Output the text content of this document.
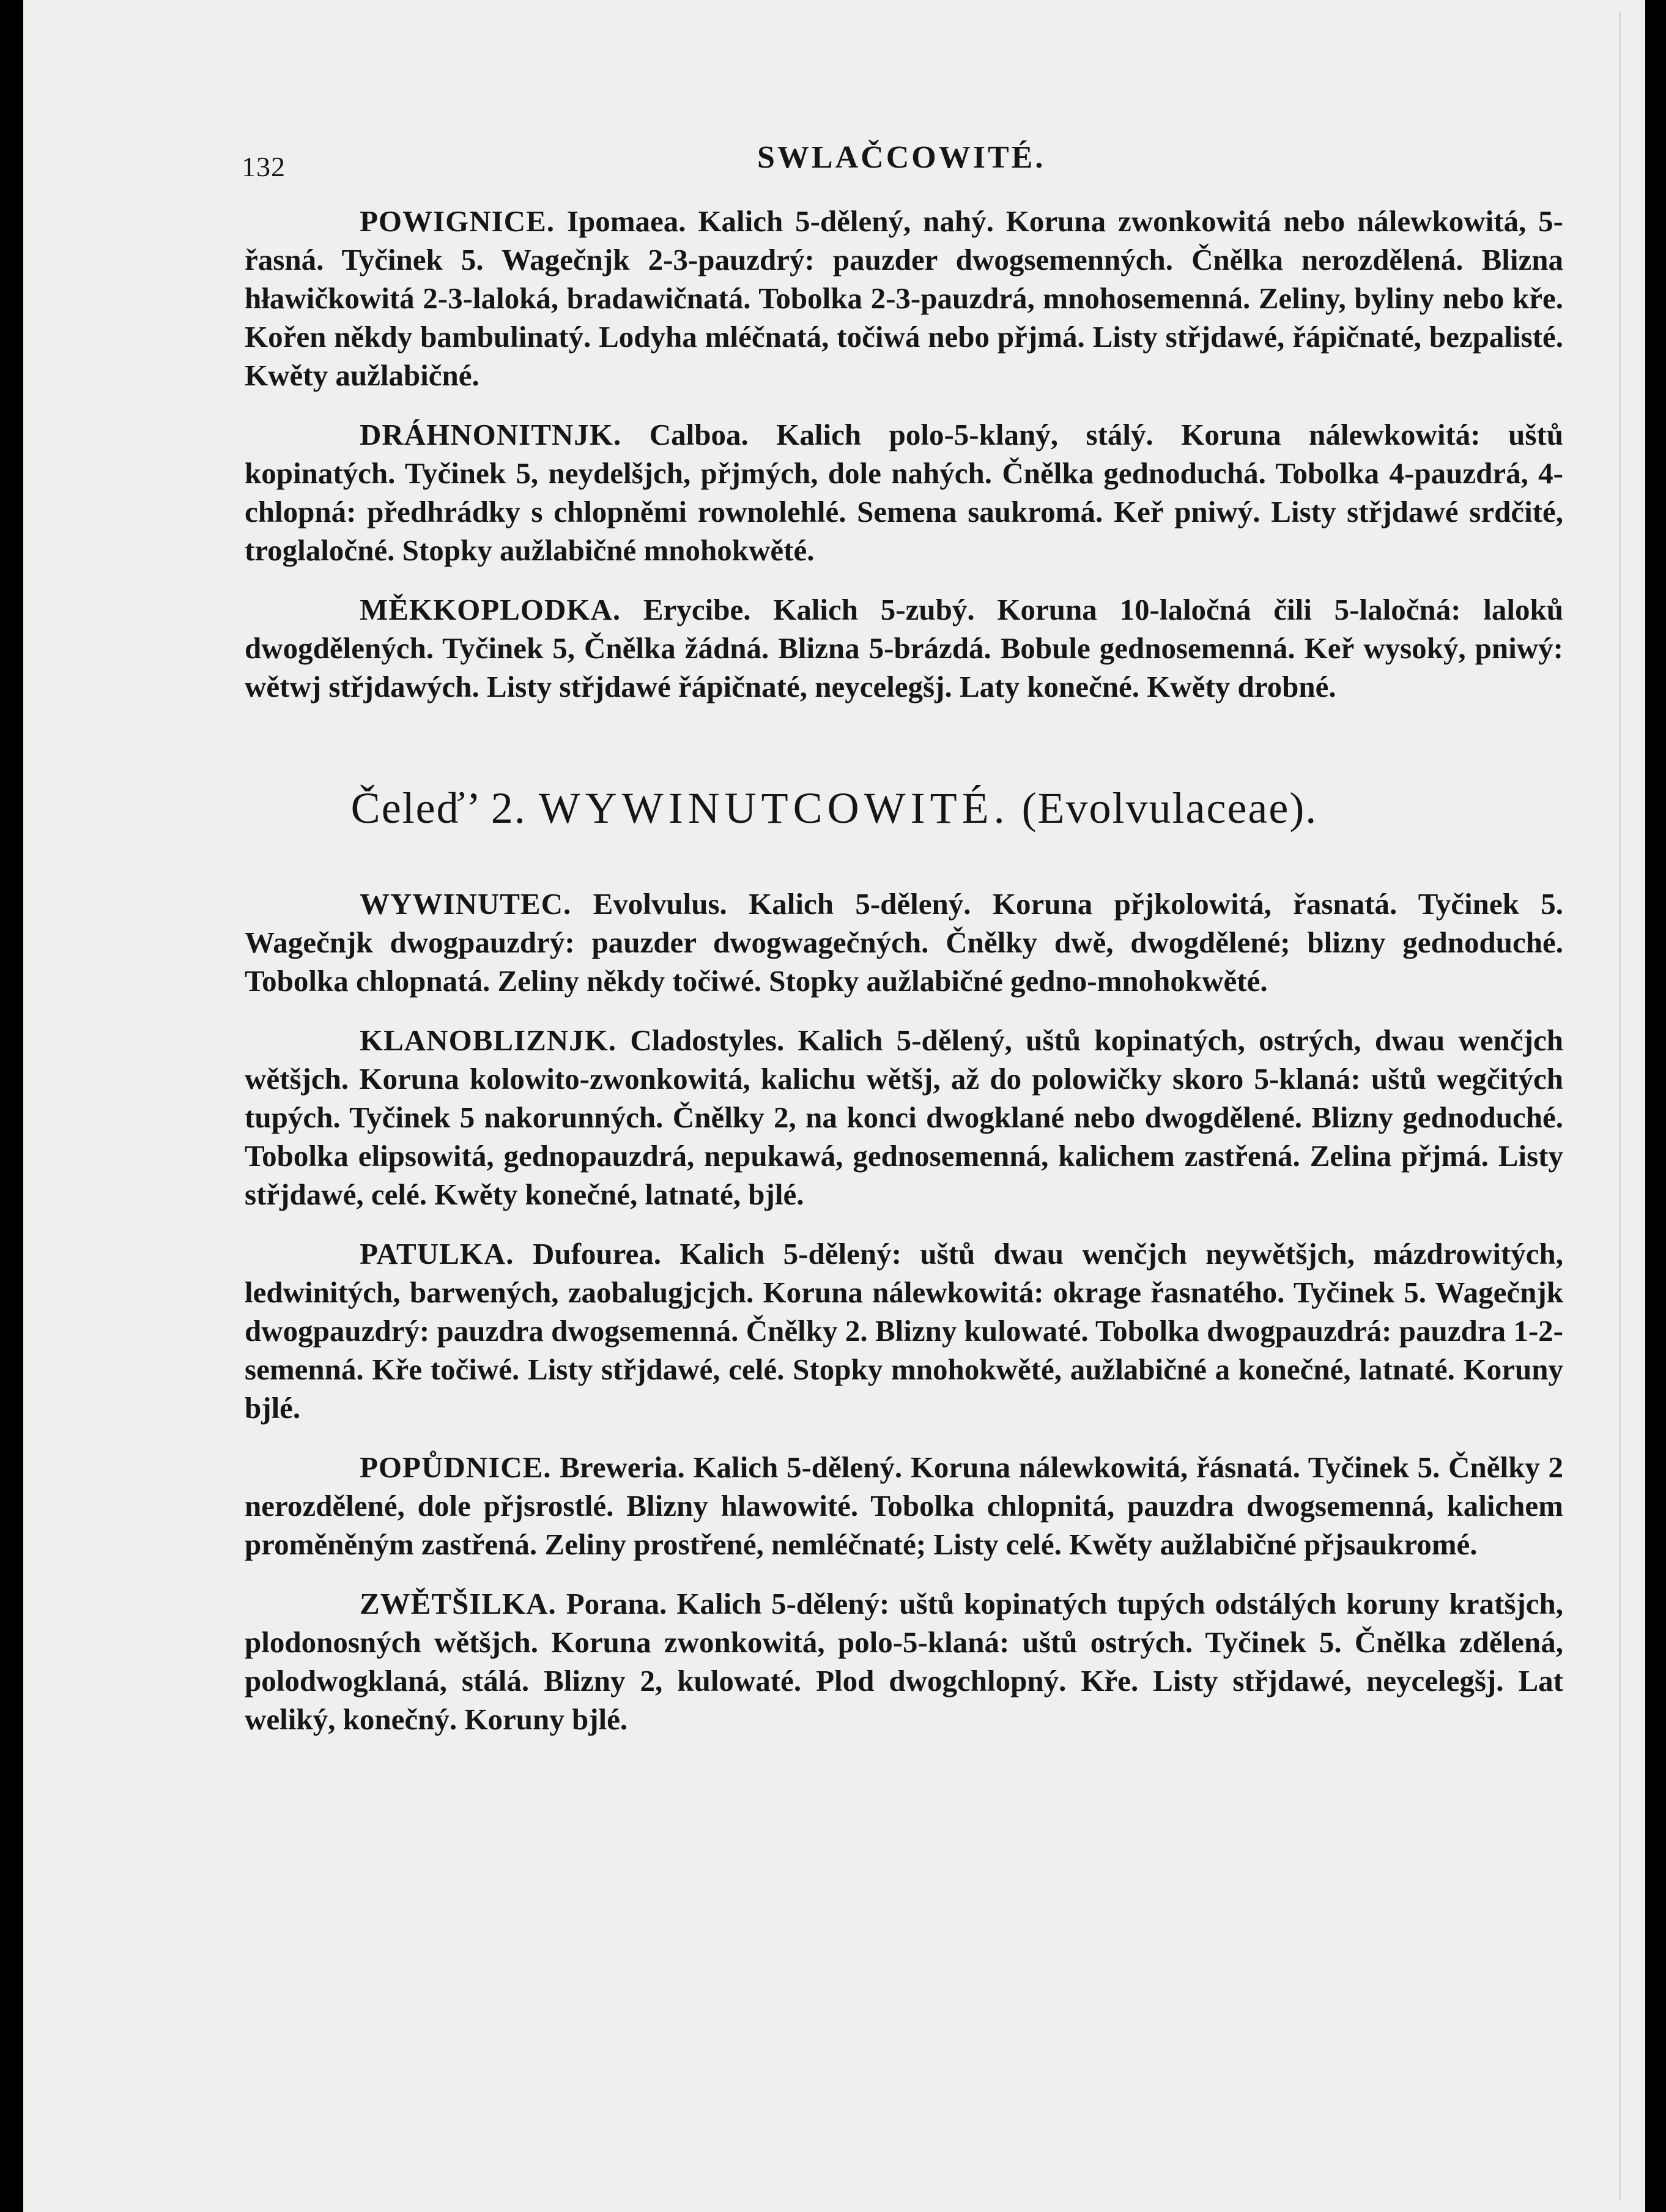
132	SWLAČCOWITÉ.

POWIGNICE. Ipomaea. Kalich 5-dělený, nahý. Koruna zwonkowitá nebo nálewkowitá, 5-řasná. Tyčinek 5. Wagečnjk 2-3-pauzdrý: pauzder dwogsemenných. Čnělka nerozdělená. Blizna hławičkowitá 2-3-laloká, bradawičnatá. Tobolka 2-3-pauzdrá, mnohosemenná. Zeliny, byliny nebo křе. Kořen někdy bambulinatý. Lodyha mléčnatá, točiwá nebo přjmá. Listy střjdawé, řápičnaté, bezpalisté. Kwěty aužlabičné.

DRÁHNONITNJK. Calboa. Kalich polo-5-klaný, stálý. Koruna nálewkowitá: uštů kopinatých. Tyčinek 5, neydelšjch, přjmých, dole nahých. Čnělka gednoduchá. Tobolka 4-pauzdrá, 4-chlopná: předhrádky s chlopněmi rownolehlé. Semena saukromá. Keř pniwý. Listy střjdawé srdčité, troglaločné. Stopky aužlabičné mnohokwěté.

MĚKKOPLODKA. Erycibe. Kalich 5-zubý. Koruna 10-laločná čili 5-laločná: laloků dwogdělených. Tyčinek 5, Čnělka žádná. Blizna 5-brázdá. Bobule gednosemenná. Keř wysoký, pniwý: wětwj střjdawých. Listy střjdawé řápičnaté, neycelegšj. Laty konečné. Kwěty drobné.

Čeleď’ 2. WYWINUTCOWITÉ. (Evolvulaceae).

WYWINUTEC. Evolvulus. Kalich 5-dělený. Koruna přjkolowitá, řasnatá. Tyčinek 5. Wagečnjk dwogpauzdrý: pauzder dwogwagečných. Čnělky dwě, dwogdělené; blizny gednoduché. Tobolka chlopnatá. Zeliny někdy točiwé. Stopky aužlabičné gedno-mnohokwěté.

KLANOBLIZNJK. Cladostyles. Kalich 5-dělený, uštů kopinatých, ostrých, dwau wenčjch wětšjch. Koruna kolowito-zwonkowitá, kalichu wětšj, až do polowičky skoro 5-klaná: uštů wegčitých tupých. Tyčinek 5 nakorunných. Čnělky 2, na konci dwogklané nebo dwogdělené. Blizny gednoduché. Tobolka elipsowitá, gednopauzdrá, nepukawá, gednosemenná, kalichem zastřená. Zelina přjmá. Listy střjdawé, celé. Kwěty konečné, latnaté, bjlé.

PATULKA. Dufourea. Kalich 5-dělený: uštů dwau wenčjch neywětšjch, mázdrowitých, ledwinitých, barwených, zaobalugjcjch. Koruna nálewkowitá: okrage řasnatého. Tyčinek 5. Wagečnjk dwogpauzdrý: pauzdra dwogsemenná. Čnělky 2. Blizny kulowaté. Tobolka dwogpauzdrá: pauzdra 1-2-semenná. Křе točiwé. Listy střjdawé, celé. Stopky mnohokwěté, aužlabičné a konečné, latnaté. Koruny bjlé.

POPŮDNICE. Breweria. Kalich 5-dělený. Koruna nálewkowitá, řásnatá. Tyčinek 5. Čnělky 2 nerozdělené, dole přjsrostlé. Blizny hlawowité. Tobolka chlopnitá, pauzdra dwogsemenná, kalichem proměněným zastřená. Zeliny prostřené, nemléčnaté; Listy celé. Kwěty aužlabičné přjsaukromé.

ZWĚTŠILKA. Porana. Kalich 5-dělený: uštů kopinatých tupých odstálých koruny kratšjch, plodonosných wětšjch. Koruna zwonkowitá, polo-5-klaná: uštů ostrých. Tyčinek 5. Čnělka zdělená, polodwogklaná, stálá. Blizny 2, kulowaté. Plod dwogchlopný. Křе. Listy střjdawé, neycelegšj. Lat weliký, konečný. Koruny bjlé.
